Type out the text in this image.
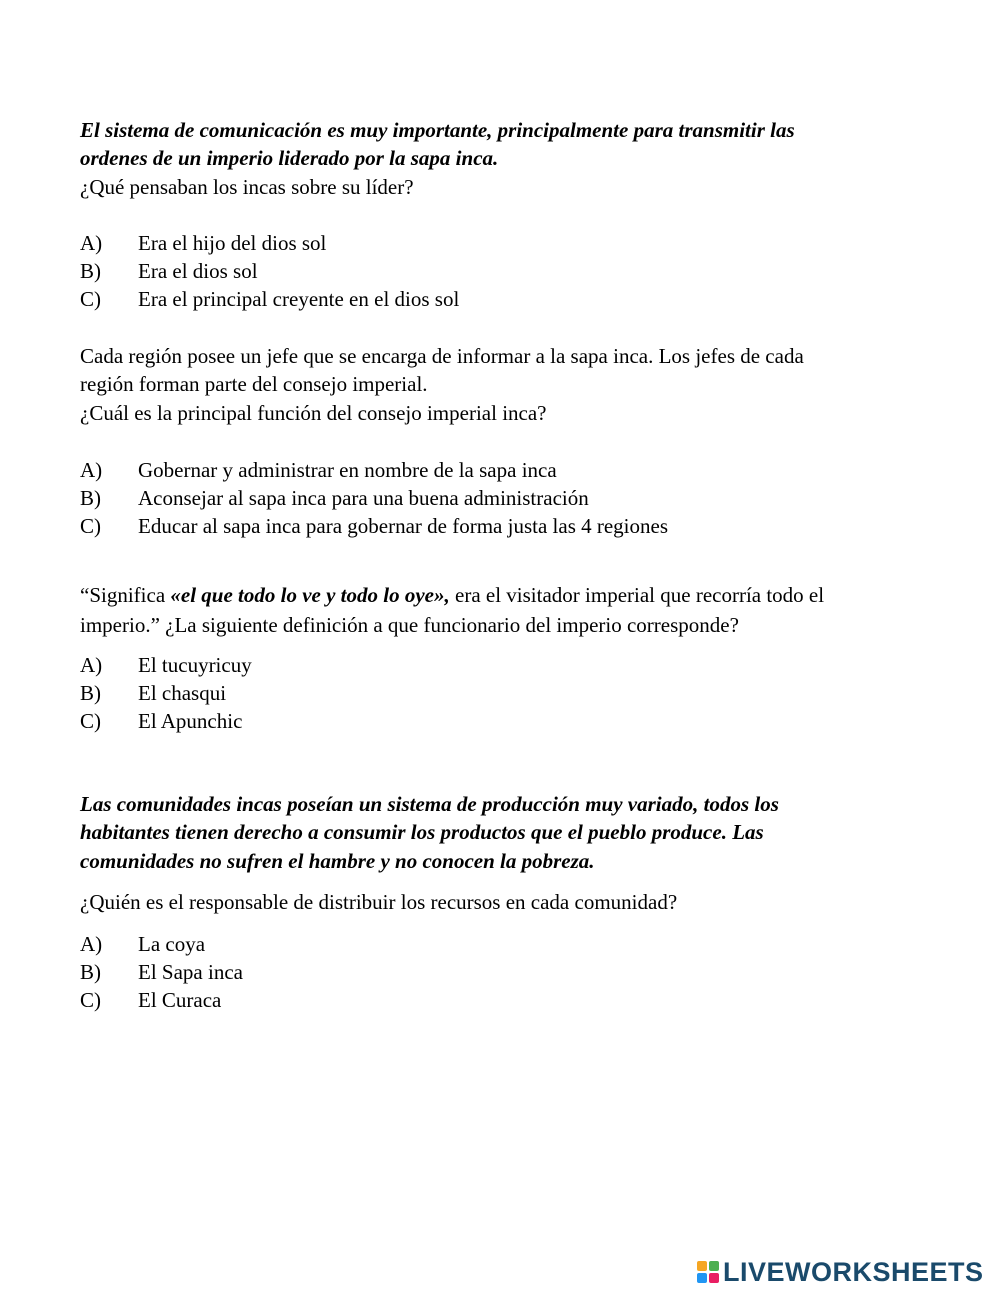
El sistema de comunicación es muy importante, principalmente para transmitir las
ordenes de un imperio liderado por la sapa inca.
¿Qué pensaban los incas sobre su líder?
A) Era el hijo del dios sol
B) Era el dios sol
C) Era el principal creyente en el dios sol
Cada región posee un jefe que se encarga de informar a la sapa inca. Los jefes de cada
región forman parte del consejo imperial.
¿Cuál es la principal función del consejo imperial inca?
A) Gobernar y administrar en nombre de la sapa inca
B) Aconsejar al sapa inca para una buena administración
C) Educar al sapa inca para gobernar de forma justa las 4 regiones
“Significa «el que todo lo ve y todo lo oye», era el visitador imperial que recorría todo el
imperio.” ¿La siguiente definición a que funcionario del imperio corresponde?
A) El tucuyricuy
B) El chasqui
C) El Apunchic
Las comunidades incas poseían un sistema de producción muy variado, todos los
habitantes tienen derecho a consumir los productos que el pueblo produce. Las
comunidades no sufren el hambre y no conocen la pobreza.
¿Quién es el responsable de distribuir los recursos en cada comunidad?
A) La coya
B) El Sapa inca
C) El Curaca
LIVEWORKSHEETS
